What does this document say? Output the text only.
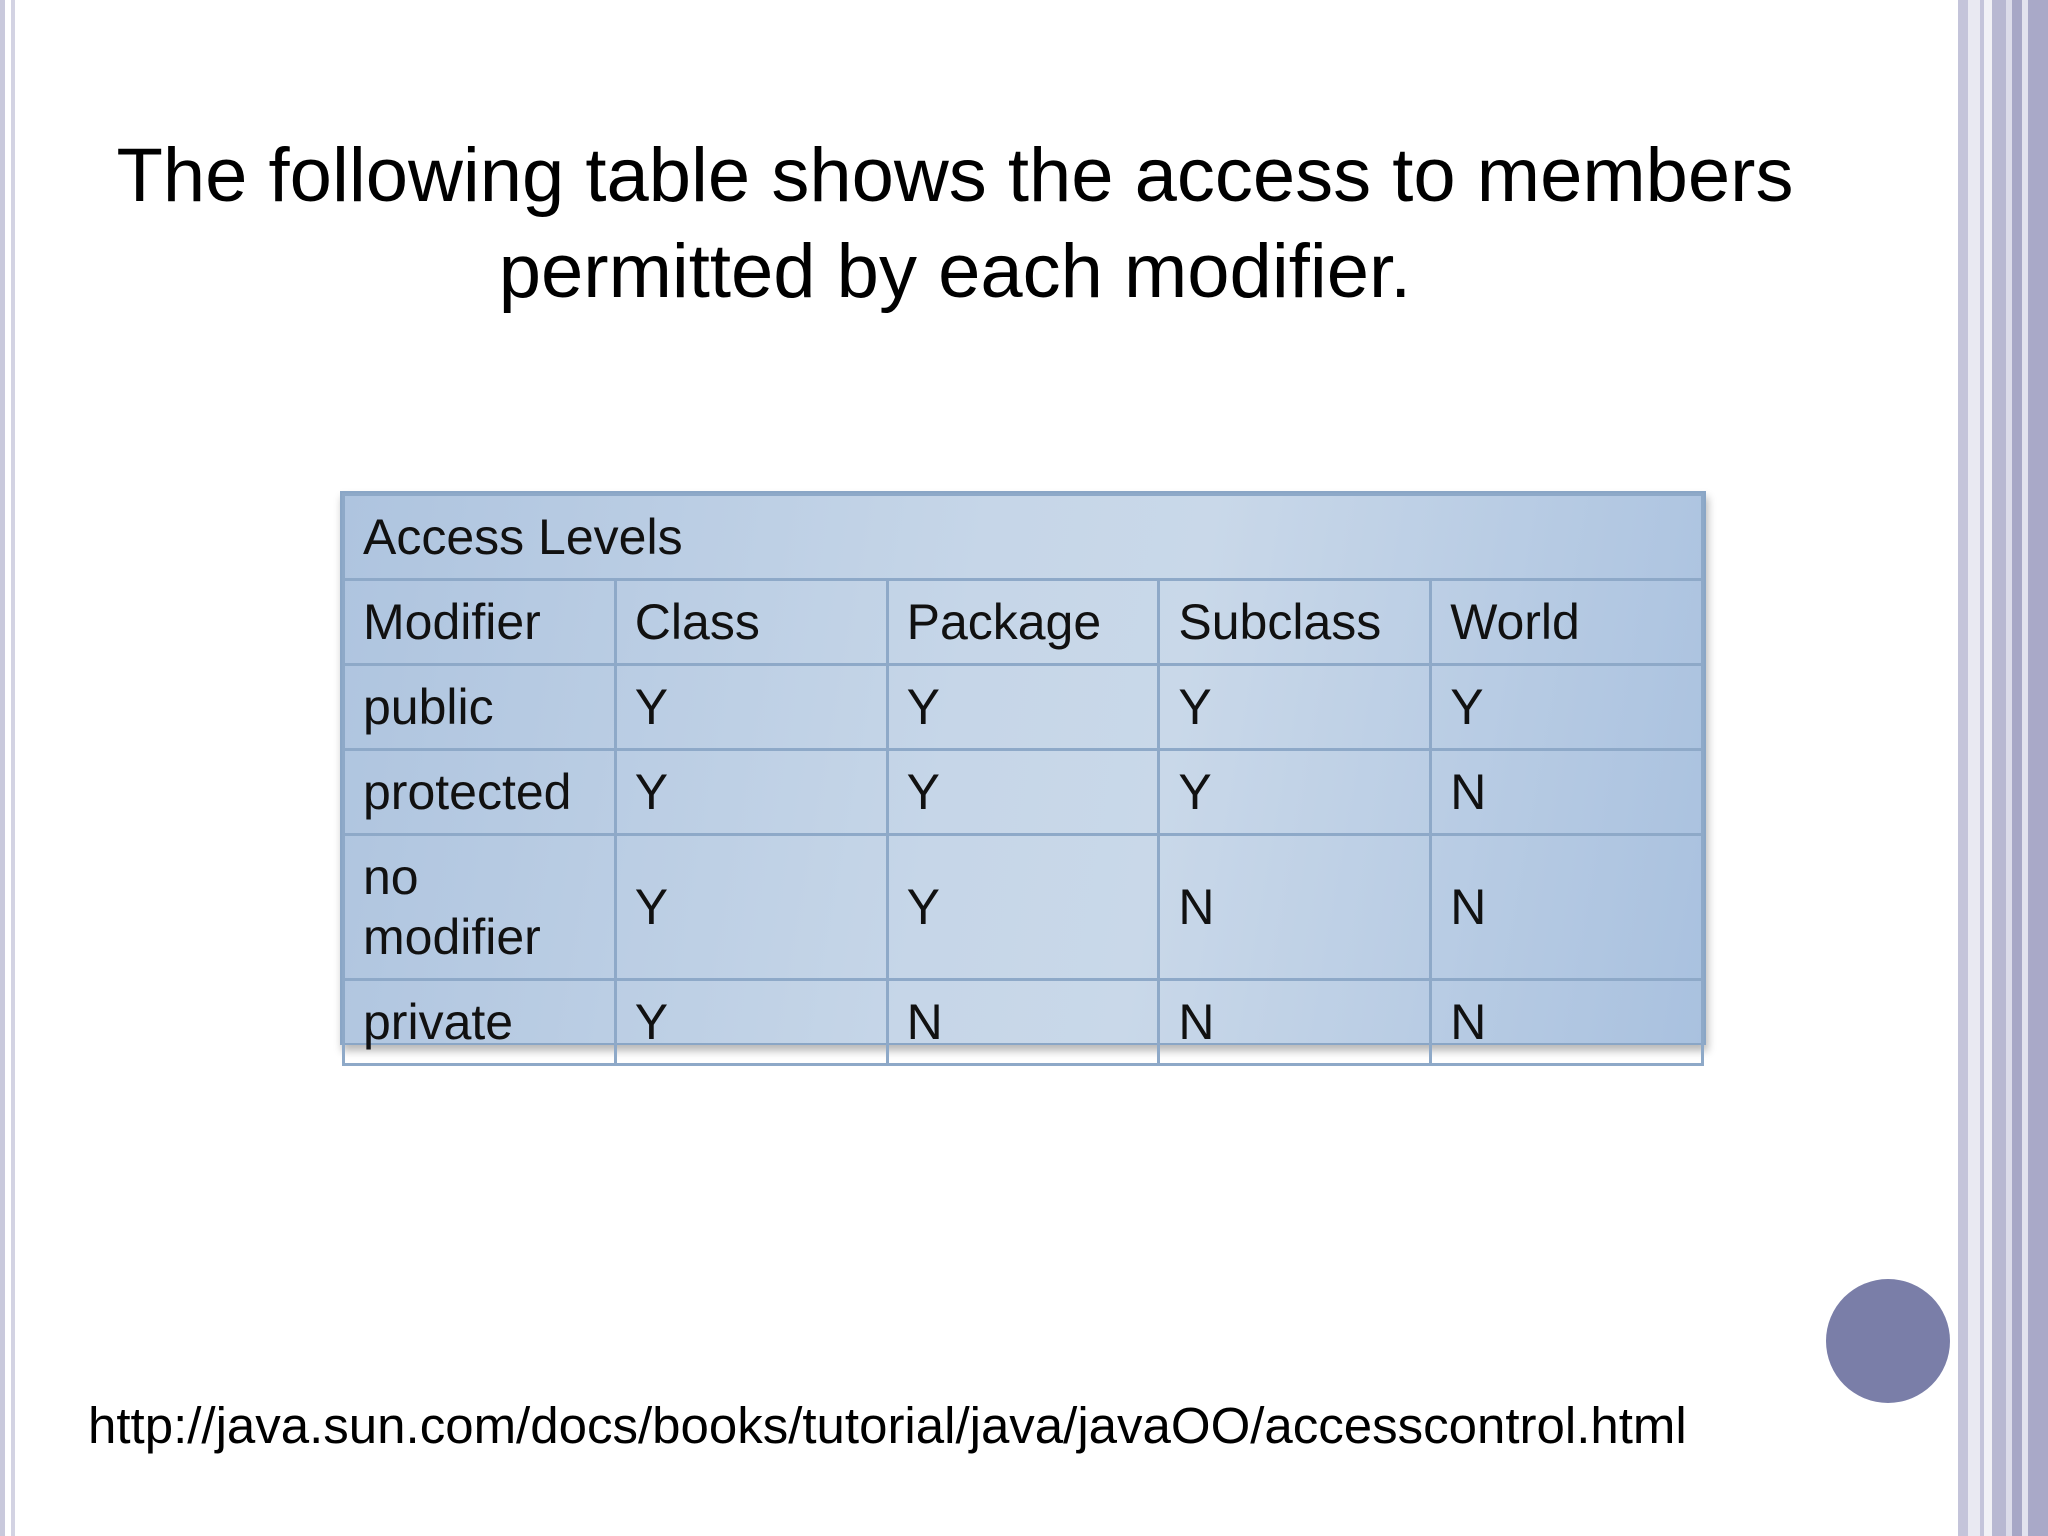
The following table shows the access to members
permitted by each modifier.
Access Levels				
Modifier	Class	Package	Subclass	World
public	Y	Y	Y	Y
protected	Y	Y	Y	N
no modifier	Y	Y	N	N
private	Y	N	N	N
http://java.sun.com/docs/books/tutorial/java/javaOO/accesscontrol.html
